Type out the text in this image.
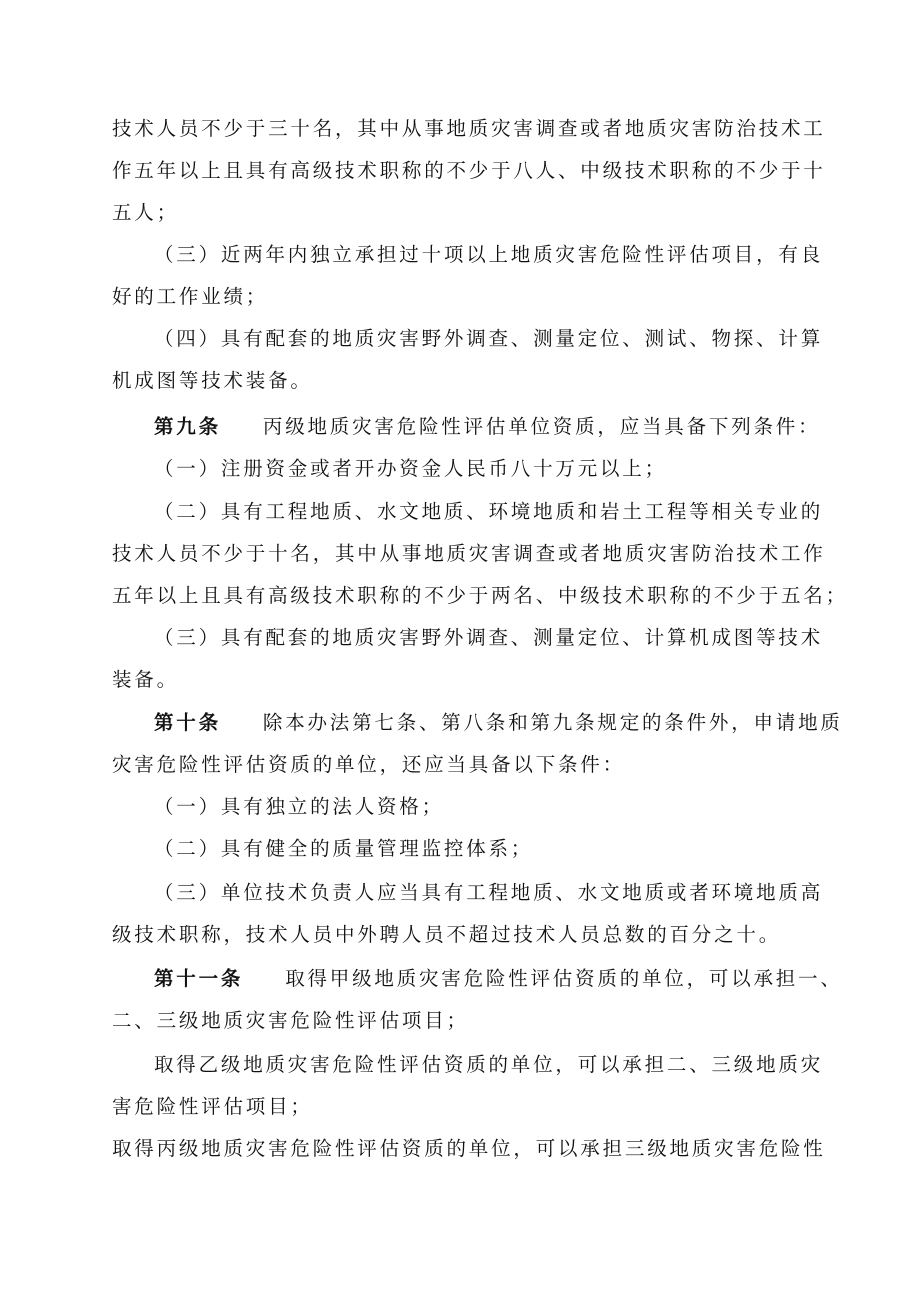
技术人员不少于三十名，其中从事地质灾害调查或者地质灾害防治技术工
作五年以上且具有高级技术职称的不少于八人、中级技术职称的不少于十
五人；
（三）近两年内独立承担过十项以上地质灾害危险性评估项目，有良
好的工作业绩；
（四）具有配套的地质灾害野外调查、测量定位、测试、物探、计算
机成图等技术装备。
第九条 丙级地质灾害危险性评估单位资质，应当具备下列条件：
（一）注册资金或者开办资金人民币八十万元以上；
（二）具有工程地质、水文地质、环境地质和岩土工程等相关专业的
技术人员不少于十名，其中从事地质灾害调查或者地质灾害防治技术工作
五年以上且具有高级技术职称的不少于两名、中级技术职称的不少于五名；
（三）具有配套的地质灾害野外调查、测量定位、计算机成图等技术
装备。
第十条 除本办法第七条、第八条和第九条规定的条件外，申请地质
灾害危险性评估资质的单位，还应当具备以下条件：
（一）具有独立的法人资格；
（二）具有健全的质量管理监控体系；
（三）单位技术负责人应当具有工程地质、水文地质或者环境地质高
级技术职称，技术人员中外聘人员不超过技术人员总数的百分之十。
第十一条 取得甲级地质灾害危险性评估资质的单位，可以承担一、
二、三级地质灾害危险性评估项目；
取得乙级地质灾害危险性评估资质的单位，可以承担二、三级地质灾
害危险性评估项目；
取得丙级地质灾害危险性评估资质的单位，可以承担三级地质灾害危险性
